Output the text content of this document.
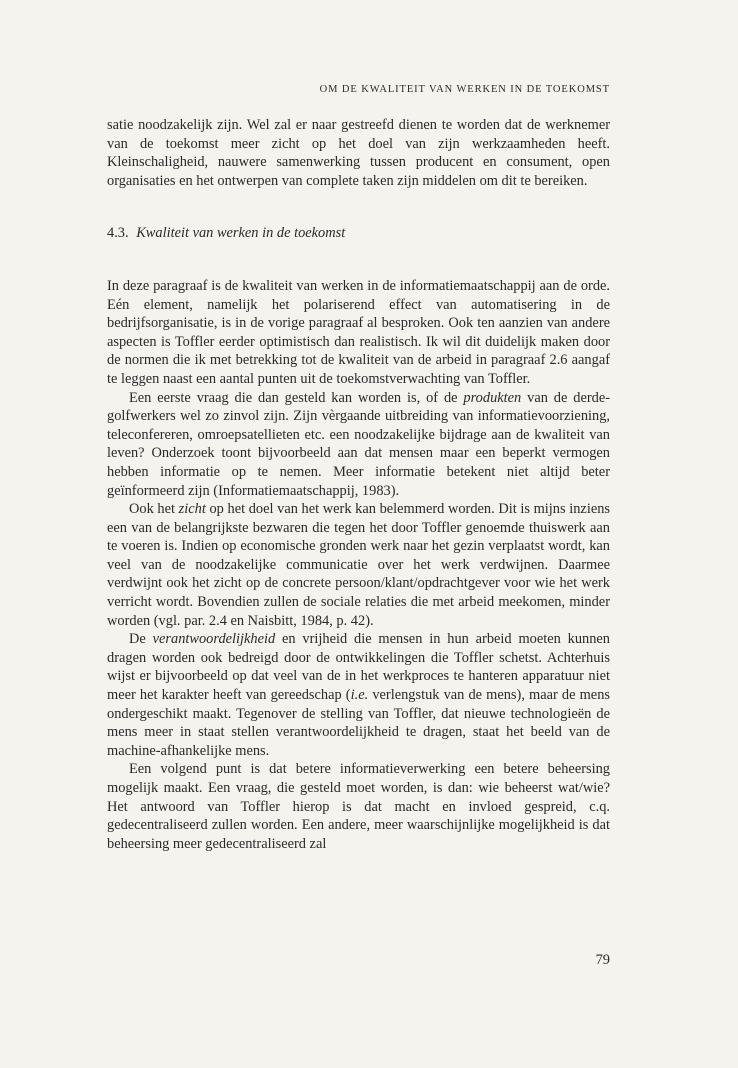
OM DE KWALITEIT VAN WERKEN IN DE TOEKOMST

satie noodzakelijk zijn. Wel zal er naar gestreefd dienen te worden dat de werknemer van de toekomst meer zicht op het doel van zijn werkzaamheden heeft. Kleinschaligheid, nauwere samenwerking tussen producent en consument, open organisaties en het ontwerpen van complete taken zijn middelen om dit te bereiken.

4.3. Kwaliteit van werken in de toekomst

In deze paragraaf is de kwaliteit van werken in de informatiemaatschappij aan de orde. Eén element, namelijk het polariserend effect van automatisering in de bedrijfsorganisatie, is in de vorige paragraaf al besproken. Ook ten aanzien van andere aspecten is Toffler eerder optimistisch dan realistisch. Ik wil dit duidelijk maken door de normen die ik met betrekking tot de kwaliteit van de arbeid in paragraaf 2.6 aangaf te leggen naast een aantal punten uit de toekomstverwachting van Toffler.

Een eerste vraag die dan gesteld kan worden is, of de produkten van de derde-golfwerkers wel zo zinvol zijn. Zijn vèrgaande uitbreiding van informatievoorziening, teleconfereren, omroepsatellieten etc. een noodzakelijke bijdrage aan de kwaliteit van leven? Onderzoek toont bijvoorbeeld aan dat mensen maar een beperkt vermogen hebben informatie op te nemen. Meer informatie betekent niet altijd beter geïnformeerd zijn (Informatiemaatschappij, 1983).

Ook het zicht op het doel van het werk kan belemmerd worden. Dit is mijns inziens een van de belangrijkste bezwaren die tegen het door Toffler genoemde thuiswerk aan te voeren is. Indien op economische gronden werk naar het gezin verplaatst wordt, kan veel van de noodzakelijke communicatie over het werk verdwijnen. Daarmee verdwijnt ook het zicht op de concrete persoon/klant/opdrachtgever voor wie het werk verricht wordt. Bovendien zullen de sociale relaties die met arbeid meekomen, minder worden (vgl. par. 2.4 en Naisbitt, 1984, p. 42).

De verantwoordelijkheid en vrijheid die mensen in hun arbeid moeten kunnen dragen worden ook bedreigd door de ontwikkelingen die Toffler schetst. Achterhuis wijst er bijvoorbeeld op dat veel van de in het werkproces te hanteren apparatuur niet meer het karakter heeft van gereedschap (i.e. verlengstuk van de mens), maar de mens ondergeschikt maakt. Tegenover de stelling van Toffler, dat nieuwe technologieën de mens meer in staat stellen verantwoordelijkheid te dragen, staat het beeld van de machine-afhankelijke mens.

Een volgend punt is dat betere informatieverwerking een betere beheersing mogelijk maakt. Een vraag, die gesteld moet worden, is dan: wie beheerst wat/wie? Het antwoord van Toffler hierop is dat macht en invloed gespreid, c.q. gedecentraliseerd zullen worden. Een andere, meer waarschijnlijke mogelijkheid is dat beheersing meer gedecentraliseerd zal

79
